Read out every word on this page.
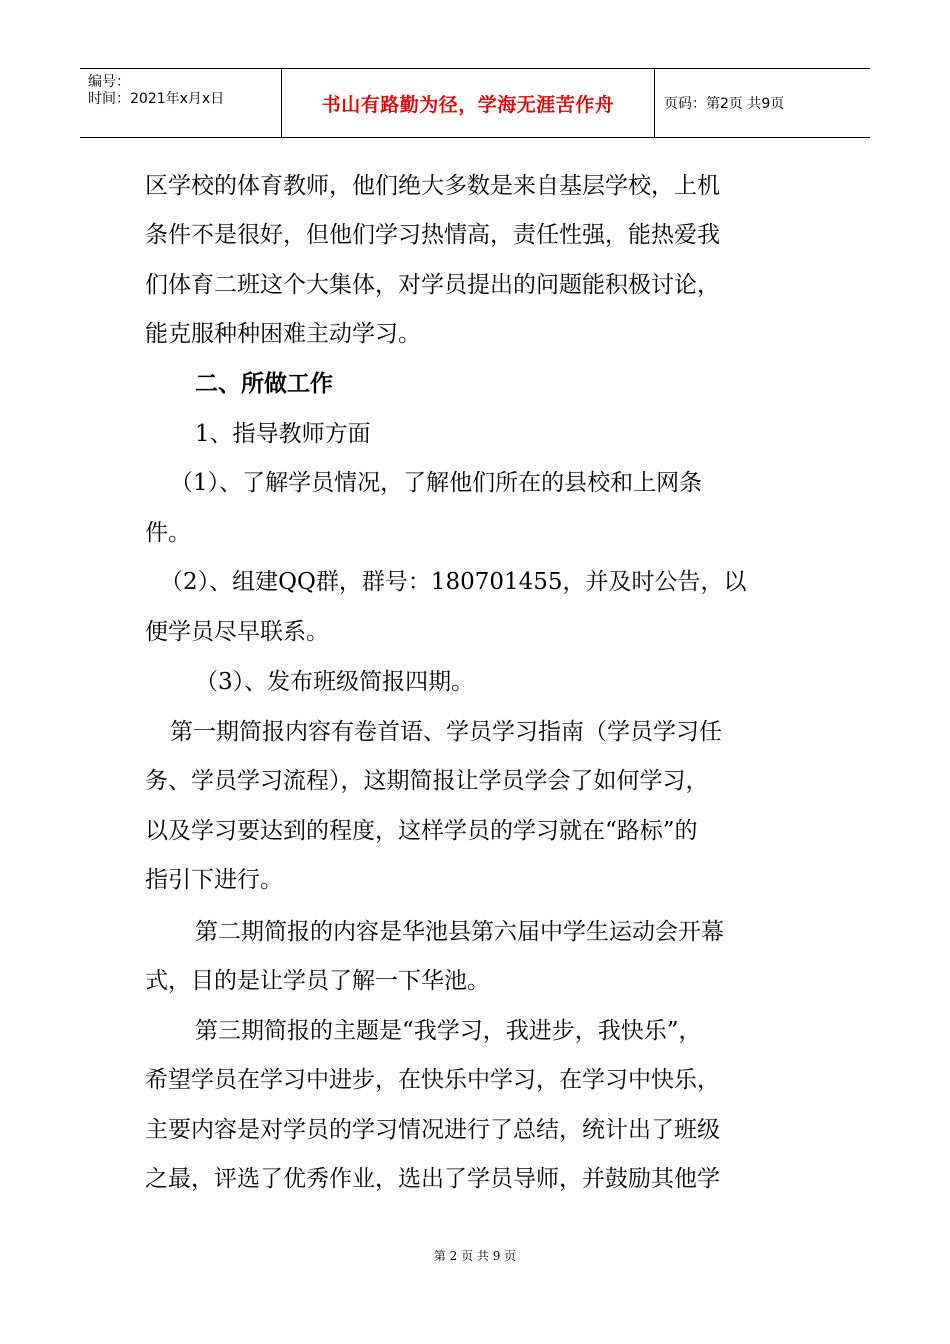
编号：
时间：2021年x月x日	书山有路勤为径，学海无涯苦作舟	页码：第2页 共9页
区学校的体育教师，他们绝大多数是来自基层学校，上机
条件不是很好，但他们学习热情高，责任性强，能热爱我
们体育二班这个大集体，对学员提出的问题能积极讨论，
能克服种种困难主动学习。
二、所做工作
1、指导教师方面
（1）、了解学员情况，了解他们所在的县校和上网条
件。
（2）、组建QQ群，群号：180701455，并及时公告，以
便学员尽早联系。
（3）、发布班级简报四期。
第一期简报内容有卷首语、学员学习指南（学员学习任
务、学员学习流程），这期简报让学员学会了如何学习，
以及学习要达到的程度，这样学员的学习就在“路标”的
指引下进行。
第二期简报的内容是华池县第六届中学生运动会开幕
式，目的是让学员了解一下华池。
第三期简报的主题是“我学习，我进步，我快乐”，
希望学员在学习中进步，在快乐中学习，在学习中快乐，
主要内容是对学员的学习情况进行了总结，统计出了班级
之最，评选了优秀作业，选出了学员导师，并鼓励其他学
第 2 页 共 9 页
